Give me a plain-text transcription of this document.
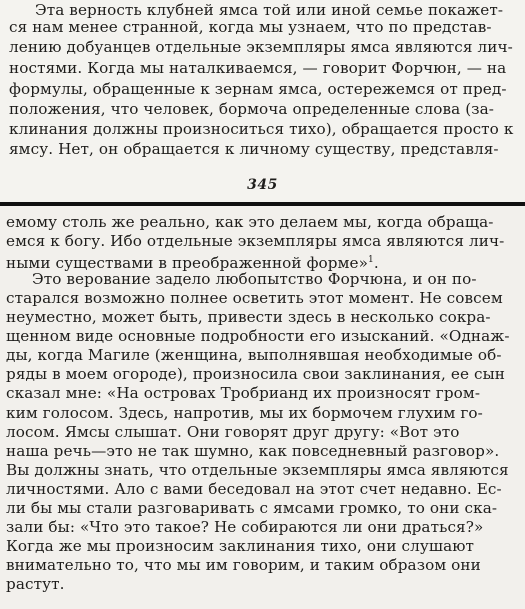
Эта верность клубней ямса той или иной семье покажет-
ся нам менее странной, когда мы узнаем, что по представ-
лению добуанцев отдельные экземпляры ямса являются лич-
ностями. Когда мы наталкиваемся, — говорит Форчюн, — на
формулы, обращенные к зернам ямса, остережемся от пред-
положения, что человек, бормоча определенные слова (за-
клинания должны произноситься тихо), обращается просто к
ямсу. Нет, он обращается к личному существу, представля-
345
емому столь же реально, как это делаем мы, когда обраща-
емся к богу. Ибо отдельные экземпляры ямса являются лич-
ными существами в преображенной форме»$^1$.
Это верование задело любопытство Форчюна, и он по-
старался возможно полнее осветить этот момент. Не совсем
неуместно, может быть, привести здесь в несколько сокра-
щенном виде основные подробности его изысканий. «Однаж-
ды, когда Магиле (женщина, выполнявшая необходимые об-
ряды в моем огороде), произносила свои заклинания, ее сын
сказал мне: «На островах Тробрианд их произносят гром-
ким голосом. Здесь, напротив, мы их бормочем глухим го-
лосом. Ямсы слышат. Они говорят друг другу: «Вот это
наша речь—это не так шумно, как повседневный разговор».
Вы должны знать, что отдельные экземпляры ямса являются
личностями. Ало с вами беседовал на этот счет недавно. Ес-
ли бы мы стали разговаривать с ямсами громко, то они ска-
зали бы: «Что это такое? Не собираются ли они драться?»
Когда же мы произносим заклинания тихо, они слушают
внимательно то, что мы им говорим, и таким образом они
растут.
